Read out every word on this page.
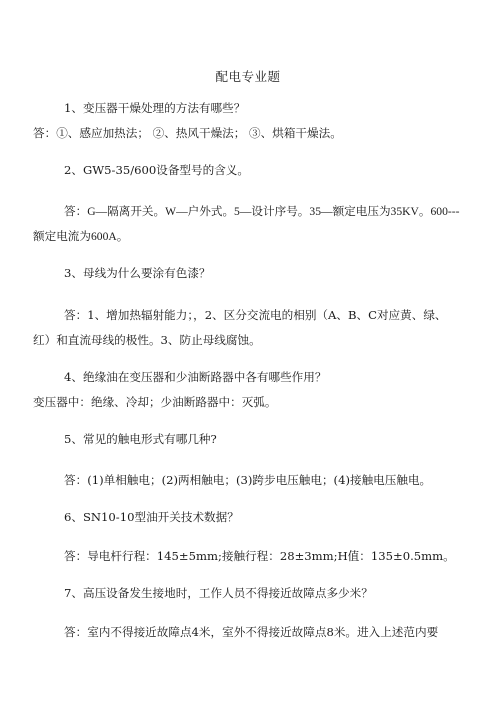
配电专业题
1、变压器干燥处理的方法有哪些？
答：①、感应加热法； ②、热风干燥法； ③、烘箱干燥法。
2、GW5-35/600设备型号的含义。
答：G—隔离开关。W—户外式。5—设计序号。35—额定电压为35KV。600---
额定电流为600A。
3、母线为什么要涂有色漆？
答：1、增加热辐射能力；，2、区分交流电的相别（A、B、C对应黄、绿、
红）和直流母线的极性。3、防止母线腐蚀。
4、绝缘油在变压器和少油断路器中各有哪些作用？
变压器中：绝缘、冷却；少油断路器中：灭弧。
5、常见的触电形式有哪几种?
答：(1)单相触电；(2)两相触电；(3)跨步电压触电；(4)接触电压触电。
6、SN10-10型油开关技术数据？
答：导电杆行程：145±5mm;接触行程：28±3mm;H值：135±0.5mm。
7、高压设备发生接地时，工作人员不得接近故障点多少米？
答：室内不得接近故障点4米，室外不得接近故障点8米。进入上述范内要
